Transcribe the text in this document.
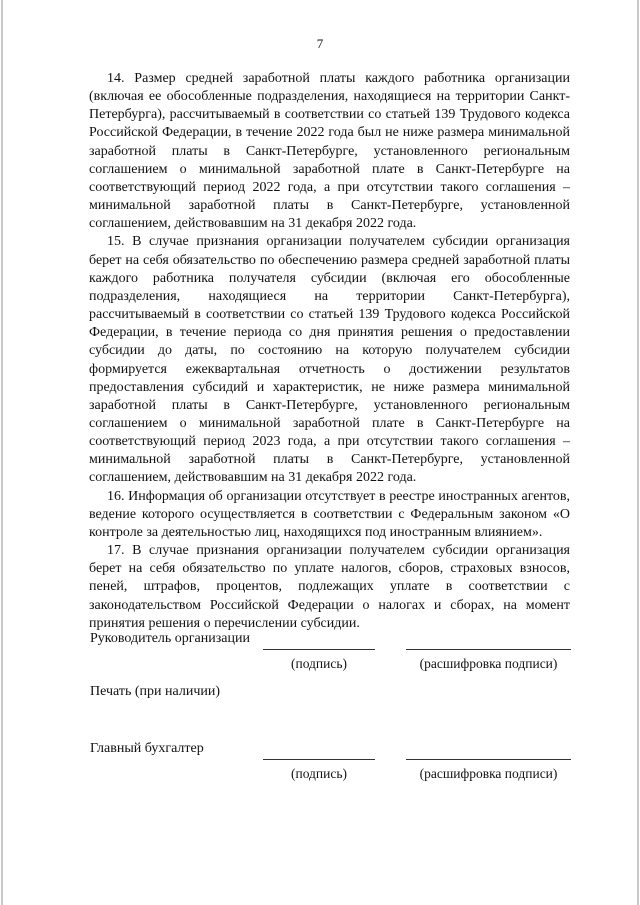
7

14. Размер средней заработной платы каждого работника организации (включая ее обособленные подразделения, находящиеся на территории Санкт-Петербурга), рассчитываемый в соответствии со статьей 139 Трудового кодекса Российской Федерации, в течение 2022 года был не ниже размера минимальной заработной платы в Санкт-Петербурге, установленного региональным соглашением о минимальной заработной плате в Санкт-Петербурге на соответствующий период 2022 года, а при отсутствии такого соглашения – минимальной заработной платы в Санкт-Петербурге, установленной соглашением, действовавшим на 31 декабря 2022 года.

15. В случае признания организации получателем субсидии организация берет на себя обязательство по обеспечению размера средней заработной платы каждого работника получателя субсидии (включая его обособленные подразделения, находящиеся на территории Санкт-Петербурга), рассчитываемый в соответствии со статьей 139 Трудового кодекса Российской Федерации, в течение периода со дня принятия решения о предоставлении субсидии до даты, по состоянию на которую получателем субсидии формируется ежеквартальная отчетность о достижении результатов предоставления субсидий и характеристик, не ниже размера минимальной заработной платы в Санкт-Петербурге, установленного региональным соглашением о минимальной заработной плате в Санкт-Петербурге на соответствующий период 2023 года, а при отсутствии такого соглашения – минимальной заработной платы в Санкт-Петербурге, установленной соглашением, действовавшим на 31 декабря 2022 года.

16. Информация об организации отсутствует в реестре иностранных агентов, ведение которого осуществляется в соответствии с Федеральным законом «О контроле за деятельностью лиц, находящихся под иностранным влиянием».

17. В случае признания организации получателем субсидии организация берет на себя обязательство по уплате налогов, сборов, страховых взносов, пеней, штрафов, процентов, подлежащих уплате в соответствии с законодательством Российской Федерации о налогах и сборах, на момент принятия решения о перечислении субсидии.

Руководитель организации
(подпись)	(расшифровка подписи)
Печать (при наличии)
Главный бухгалтер
(подпись)	(расшифровка подписи)
